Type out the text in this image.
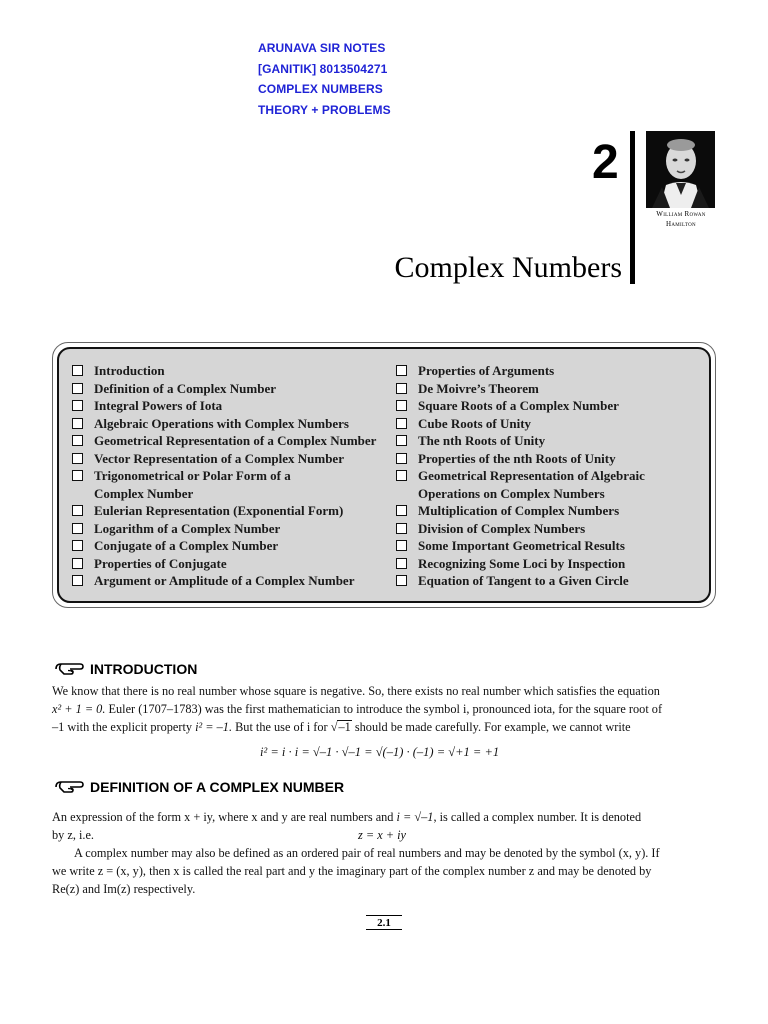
ARUNAVA SIR NOTES
[GANITIK] 8013504271
COMPLEX NUMBERS
THEORY + PROBLEMS
2
William Rowan
Hamilton
Complex Numbers
Introduction
Definition of a Complex Number
Integral Powers of Iota
Algebraic Operations with Complex Numbers
Geometrical Representation of a Complex Number
Vector Representation of a Complex Number
Trigonometrical or Polar Form of a
Complex Number
Eulerian Representation (Exponential Form)
Logarithm of a Complex Number
Conjugate of a Complex Number
Properties of Conjugate
Argument or Amplitude of a Complex Number
Properties of Arguments
De Moivre’s Theorem
Square Roots of a Complex Number
Cube Roots of Unity
The nth Roots of Unity
Properties of the nth Roots of Unity
Geometrical Representation of Algebraic
Operations on Complex Numbers
Multiplication of Complex Numbers
Division of Complex Numbers
Some Important Geometrical Results
Recognizing Some Loci by Inspection
Equation of Tangent to a Given Circle
INTRODUCTION
We know that there is no real number whose square is negative. So, there exists no real number which satisfies the equation
x² + 1 = 0. Euler (1707–1783) was the first mathematician to introduce the symbol i, pronounced iota, for the square root of
–1 with the explicit property i² = –1. But the use of i for √–1 should be made carefully. For example, we cannot write
i² = i · i = √–1 · √–1 = √(–1) · (–1) = √+1 = +1
DEFINITION OF A COMPLEX NUMBER
An expression of the form x + iy, where x and y are real numbers and i = √–1, is called a complex number. It is denoted
by z, i.e.	z = x + iy
A complex number may also be defined as an ordered pair of real numbers and may be denoted by the symbol (x, y). If
we write z = (x, y), then x is called the real part and y the imaginary part of the complex number z and may be denoted by
Re(z) and Im(z) respectively.
2.1
